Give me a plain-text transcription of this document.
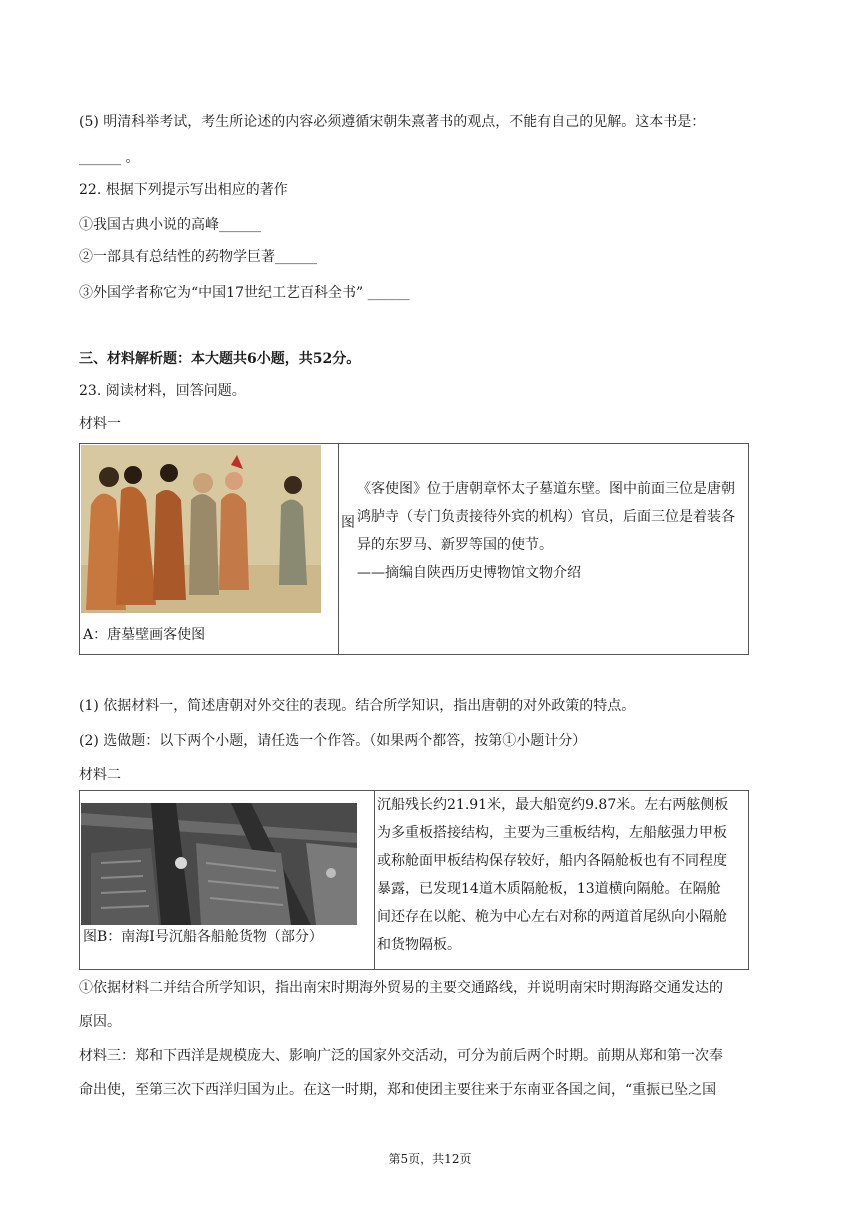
(5) 明清科举考试，考生所论述的内容必须遵循宋朝朱熹著书的观点，不能有自己的见解。这本书是：
______ 。
22. 根据下列提示写出相应的著作
①我国古典小说的高峰______
②一部具有总结性的药物学巨著______
③外国学者称它为“中国17世纪工艺百科全书” ______
三、材料解析题：本大题共6小题，共52分。
23. 阅读材料，回答问题。
材料一
A：唐墓壁画客使图

图

《客使图》位于唐朝章怀太子墓道东壁。图中前面三位是唐朝
鸿胪寺（专门负责接待外宾的机构）官员，后面三位是着装各
异的东罗马、新罗等国的使节。
——摘编自陕西历史博物馆文物介绍
(1) 依据材料一，简述唐朝对外交往的表现。结合所学知识，指出唐朝的对外政策的特点。
(2) 选做题：以下两个小题，请任选一个作答。（如果两个都答，按第①小题计分）
材料二
图B：南海Ⅰ号沉船各船舱货物（部分）

沉船残长约21.91米，最大船宽约9.87米。左右两舷侧板
为多重板搭接结构，主要为三重板结构，左船舷强力甲板
或称舱面甲板结构保存较好，船内各隔舱板也有不同程度
暴露，已发现14道木质隔舱板，13道横向隔舱。在隔舱
间还存在以舵、桅为中心左右对称的两道首尾纵向小隔舱
和货物隔板。
①依据材料二并结合所学知识，指出南宋时期海外贸易的主要交通路线，并说明南宋时期海路交通发达的
原因。
材料三：郑和下西洋是规模庞大、影响广泛的国家外交活动，可分为前后两个时期。前期从郑和第一次奉
命出使，至第三次下西洋归国为止。在这一时期，郑和使团主要往来于东南亚各国之间，“重振已坠之国
第5页，共12页
